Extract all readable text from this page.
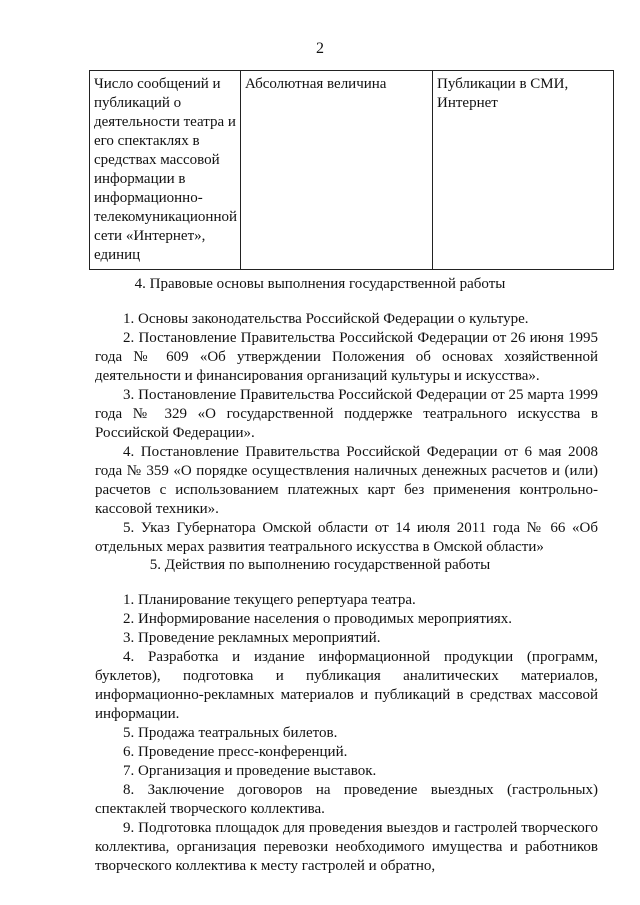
2
Число сообщений и публикаций о деятельности театра и его спектаклях в средствах массовой информации в информационно-телекомуникационной сети «Интернет», единиц	Абсолютная величина	Публикации в СМИ, Интернет
4. Правовые основы выполнения государственной работы

1. Основы законодательства Российской Федерации о культуре.

2. Постановление Правительства Российской Федерации от 26 июня 1995 года № 609 «Об утверждении Положения об основах хозяйственной деятельности и финансирования организаций культуры и искусства».

3. Постановление Правительства Российской Федерации от 25 марта 1999 года № 329 «О государственной поддержке театрального искусства в Российской Федерации».

4. Постановление Правительства Российской Федерации от 6 мая 2008 года № 359 «О порядке осуществления наличных денежных расчетов и (или) расчетов с использованием платежных карт без применения контрольно-кассовой техники».

5. Указ Губернатора Омской области от 14 июля 2011 года № 66 «Об отдельных мерах развития театрального искусства в Омской области»

5. Действия по выполнению государственной работы

1. Планирование текущего репертуара театра.

2. Информирование населения о проводимых мероприятиях.

3. Проведение рекламных мероприятий.

4. Разработка и издание информационной продукции (программ, буклетов), подготовка и публикация аналитических материалов, информационно-рекламных материалов и публикаций в средствах массовой информации.

5. Продажа театральных билетов.

6. Проведение пресс-конференций.

7. Организация и проведение выставок.

8. Заключение договоров на проведение выездных (гастрольных) спектаклей творческого коллектива.

9. Подготовка площадок для проведения выездов и гастролей творческого коллектива, организация перевозки необходимого имущества и работников творческого коллектива к месту гастролей и обратно,
